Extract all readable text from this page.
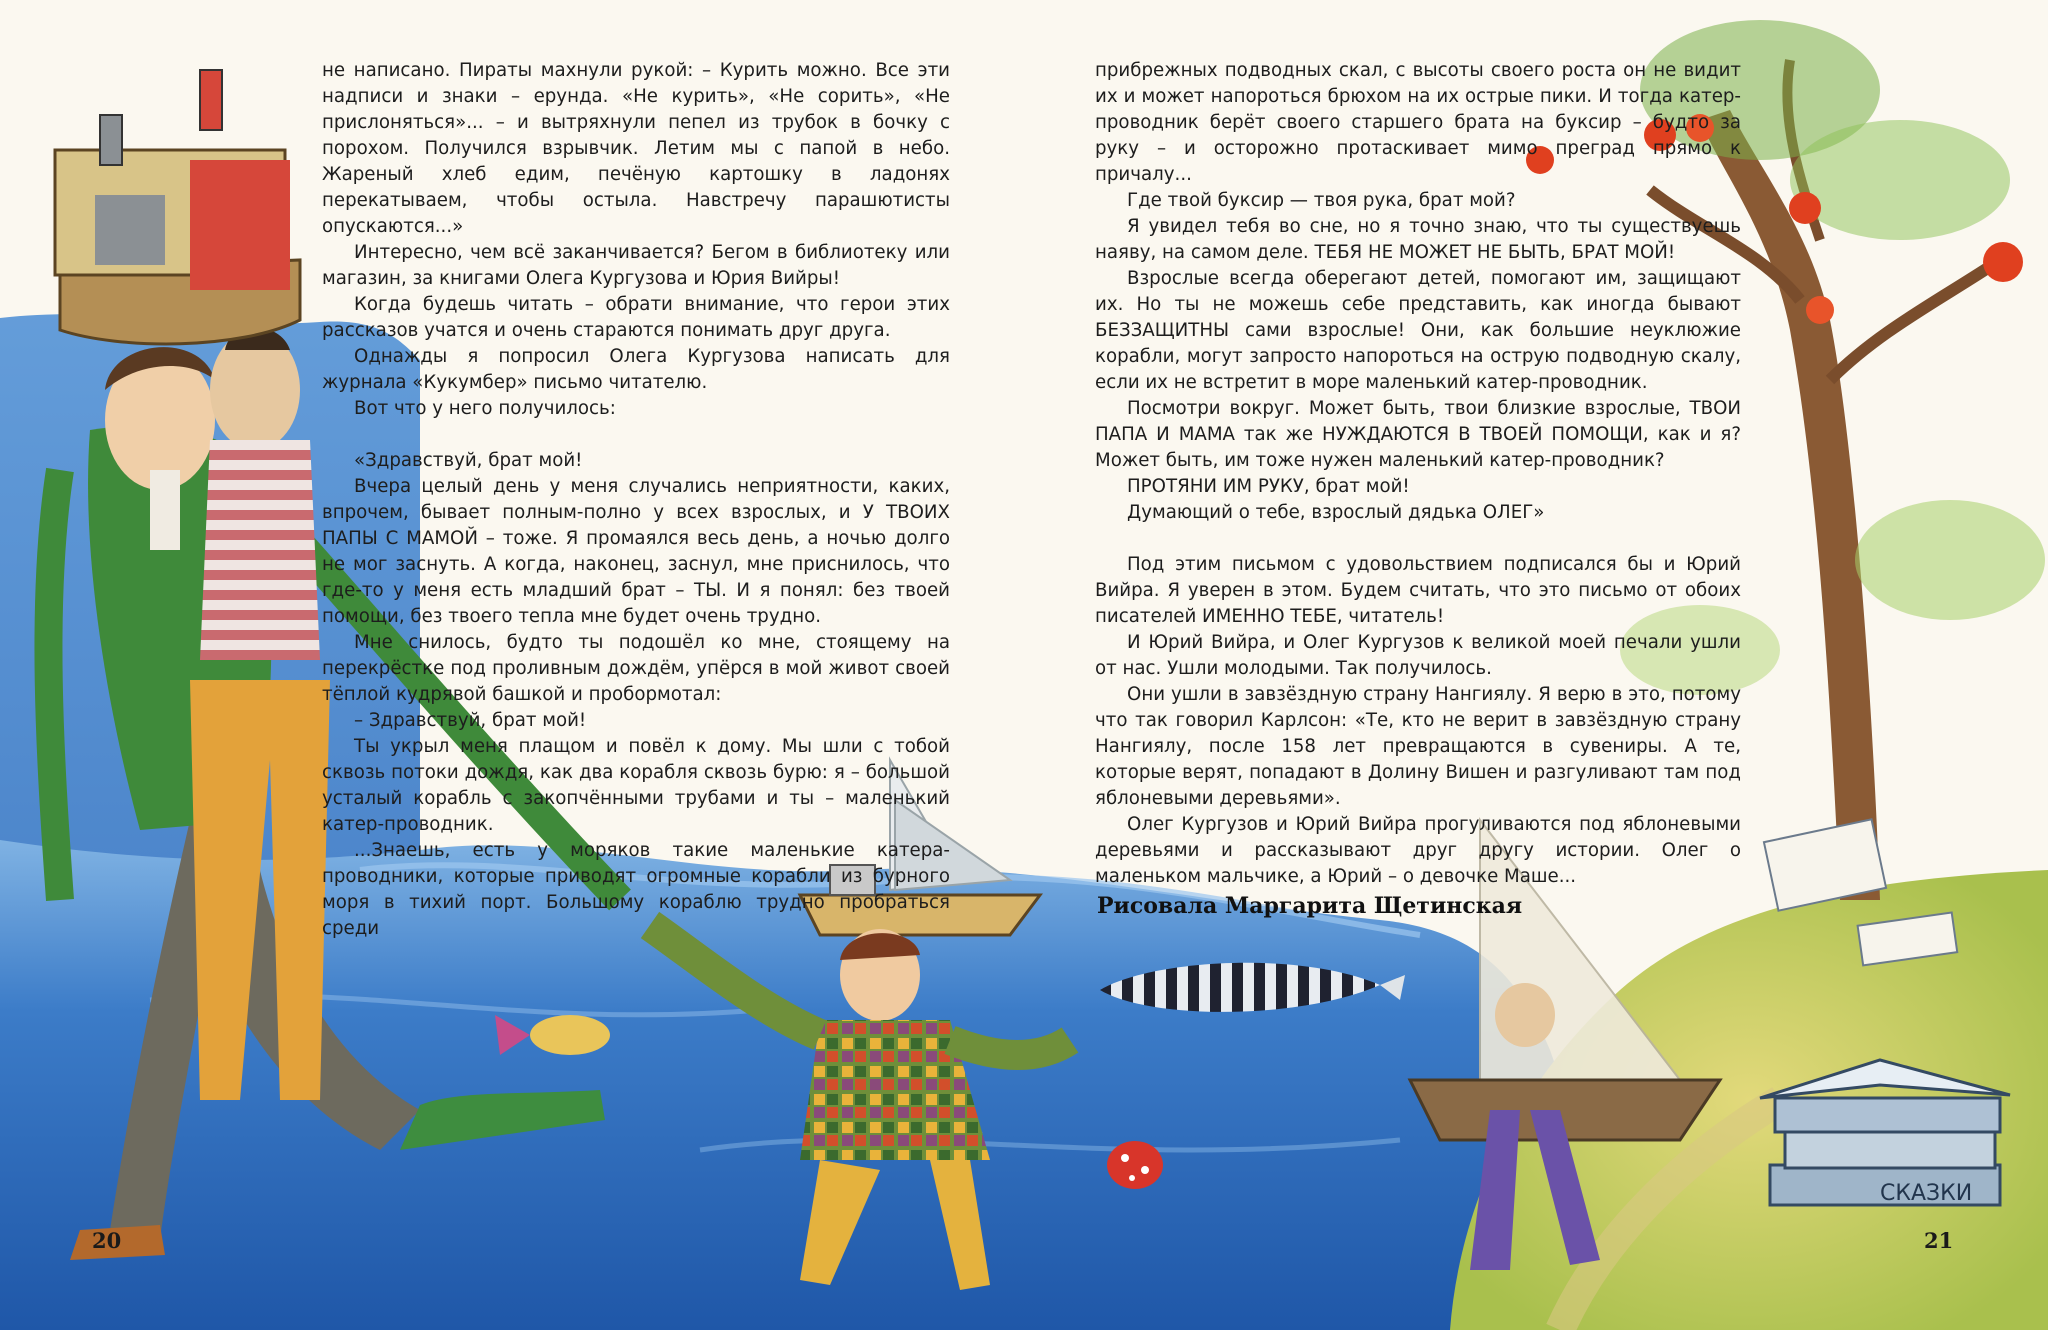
СКАЗКИ

не написано. Пираты махнули рукой: – Курить можно. Все эти надписи и знаки – ерунда. «Не курить», «Не сорить», «Не прислоняться»... – и вытряхнули пепел из трубок в бочку с порохом. Получился взрывчик. Летим мы с папой в небо. Жареный хлеб едим, печёную картошку в ладонях перекатываем, чтобы остыла. Навстречу парашютисты опускаются...»

Интересно, чем всё заканчивается? Бегом в библиотеку или магазин, за книгами Олега Кургузова и Юрия Вийры!

Когда будешь читать – обрати внимание, что герои этих рассказов учатся и очень стараются понимать друг друга.

Однажды я попросил Олега Кургузова написать для журнала «Кукумбер» письмо читателю.

Вот что у него получилось:

«Здравствуй, брат мой!

Вчера целый день у меня случались неприятности, каких, впрочем, бывает полным-полно у всех взрослых, и У ТВОИХ ПАПЫ С МАМОЙ – тоже. Я промаялся весь день, а ночью долго не мог заснуть. А когда, наконец, заснул, мне приснилось, что где-то у меня есть младший брат – ТЫ. И я понял: без твоей помощи, без твоего тепла мне будет очень трудно.

Мне снилось, будто ты подошёл ко мне, стоящему на перекрёстке под проливным дождём, упёрся в мой живот своей тёплой кудрявой башкой и пробормотал:

– Здравствуй, брат мой!

Ты укрыл меня плащом и повёл к дому. Мы шли с тобой сквозь потоки дождя, как два корабля сквозь бурю: я – большой усталый корабль с закопчёнными трубами и ты – маленький катер-проводник.

...Знаешь, есть у моряков такие маленькие катера-проводники, которые приводят огромные корабли из бурного моря в тихий порт. Большому кораблю трудно пробраться среди

прибрежных подводных скал, с высоты своего роста он не видит их и может напороться брюхом на их острые пики. И тогда катер-проводник берёт своего старшего брата на буксир – будто за руку – и осторожно протаскивает мимо преград прямо к причалу...

Где твой буксир — твоя рука, брат мой?

Я увидел тебя во сне, но я точно знаю, что ты существуешь наяву, на самом деле. ТЕБЯ НЕ МОЖЕТ НЕ БЫТЬ, БРАТ МОЙ!

Взрослые всегда оберегают детей, помогают им, защищают их. Но ты не можешь себе представить, как иногда бывают БЕЗЗАЩИТНЫ сами взрослые! Они, как большие неуклюжие корабли, могут запросто напороться на острую подводную скалу, если их не встретит в море маленький катер-проводник.

Посмотри вокруг. Может быть, твои близкие взрослые, ТВОИ ПАПА И МАМА так же НУЖДАЮТСЯ В ТВОЕЙ ПОМОЩИ, как и я? Может быть, им тоже нужен маленький катер-проводник?

ПРОТЯНИ ИМ РУКУ, брат мой!

Думающий о тебе, взрослый дядька ОЛЕГ»

Под этим письмом с удовольствием подписался бы и Юрий Вийра. Я уверен в этом. Будем считать, что это письмо от обоих писателей ИМЕННО ТЕБЕ, читатель!

И Юрий Вийра, и Олег Кургузов к великой моей печали ушли от нас. Ушли молодыми. Так получилось.

Они ушли в завзёздную страну Нангиялу. Я верю в это, потому что так говорил Карлсон: «Те, кто не верит в завзёздную страну Нангиялу, после 158 лет превращаются в сувениры. А те, которые верят, попадают в Долину Вишен и разгуливают там под яблоневыми деревьями».

Олег Кургузов и Юрий Вийра прогуливаются под яблоневыми деревьями и рассказывают друг другу истории. Олег о маленьком мальчике, а Юрий – о девочке Маше...

Рисовала Маргарита Щетинская
20	21
